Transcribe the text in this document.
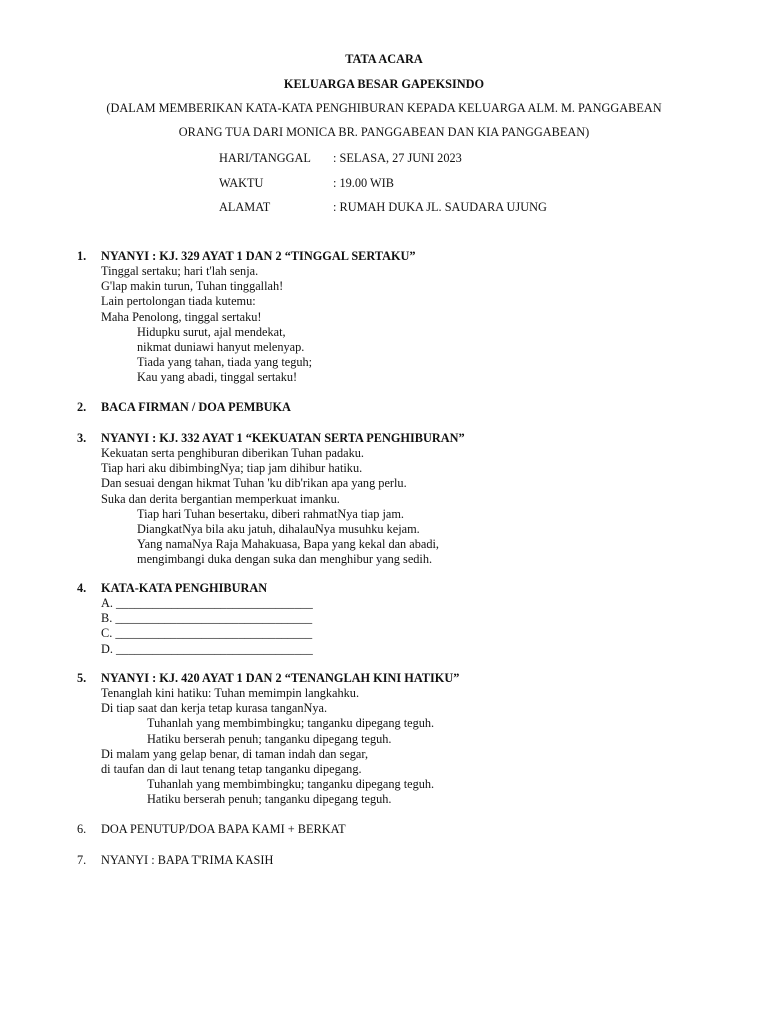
TATA ACARA
KELUARGA BESAR GAPEKSINDO
(DALAM MEMBERIKAN KATA-KATA PENGHIBURAN KEPADA KELUARGA ALM. M. PANGGABEAN
ORANG TUA DARI MONICA BR. PANGGABEAN DAN KIA PANGGABEAN)
HARI/TANGGAL : SELASA, 27 JUNI 2023
WAKTU	: 19.00 WIB
ALAMAT	: RUMAH DUKA JL. SAUDARA UJUNG
1. NYANYI : KJ. 329 AYAT 1 DAN 2 “TINGGAL SERTAKU”
Tinggal sertaku; hari t'lah senja.
G'lap makin turun, Tuhan tinggallah!
Lain pertolongan tiada kutemu:
Maha Penolong, tinggal sertaku!
Hidupku surut, ajal mendekat,
nikmat duniawi hanyut melenyap.
Tiada yang tahan, tiada yang teguh;
Kau yang abadi, tinggal sertaku!
2. BACA FIRMAN / DOA PEMBUKA
3. NYANYI : KJ. 332 AYAT 1 “KEKUATAN SERTA PENGHIBURAN”
Kekuatan serta penghiburan diberikan Tuhan padaku.
Tiap hari aku dibimbingNya; tiap jam dihibur hatiku.
Dan sesuai dengan hikmat Tuhan 'ku dib'rikan apa yang perlu.
Suka dan derita bergantian memperkuat imanku.
Tiap hari Tuhan besertaku, diberi rahmatNya tiap jam.
DiangkatNya bila aku jatuh, dihalauNya musuhku kejam.
Yang namaNya Raja Mahakuasa, Bapa yang kekal dan abadi,
mengimbangi duka dengan suka dan menghibur yang sedih.
4. KATA-KATA PENGHIBURAN
A. ________________________________
B. ________________________________
C. ________________________________
D. ________________________________
5. NYANYI : KJ. 420 AYAT 1 DAN 2 “TENANGLAH KINI HATIKU”
Tenanglah kini hatiku: Tuhan memimpin langkahku.
Di tiap saat dan kerja tetap kurasa tanganNya.
Tuhanlah yang membimbingku; tanganku dipegang teguh.
Hatiku berserah penuh; tanganku dipegang teguh.
Di malam yang gelap benar, di taman indah dan segar,
di taufan dan di laut tenang tetap tanganku dipegang.
Tuhanlah yang membimbingku; tanganku dipegang teguh.
Hatiku berserah penuh; tanganku dipegang teguh.
6. DOA PENUTUP/DOA BAPA KAMI + BERKAT
7. NYANYI : BAPA T'RIMA KASIH
